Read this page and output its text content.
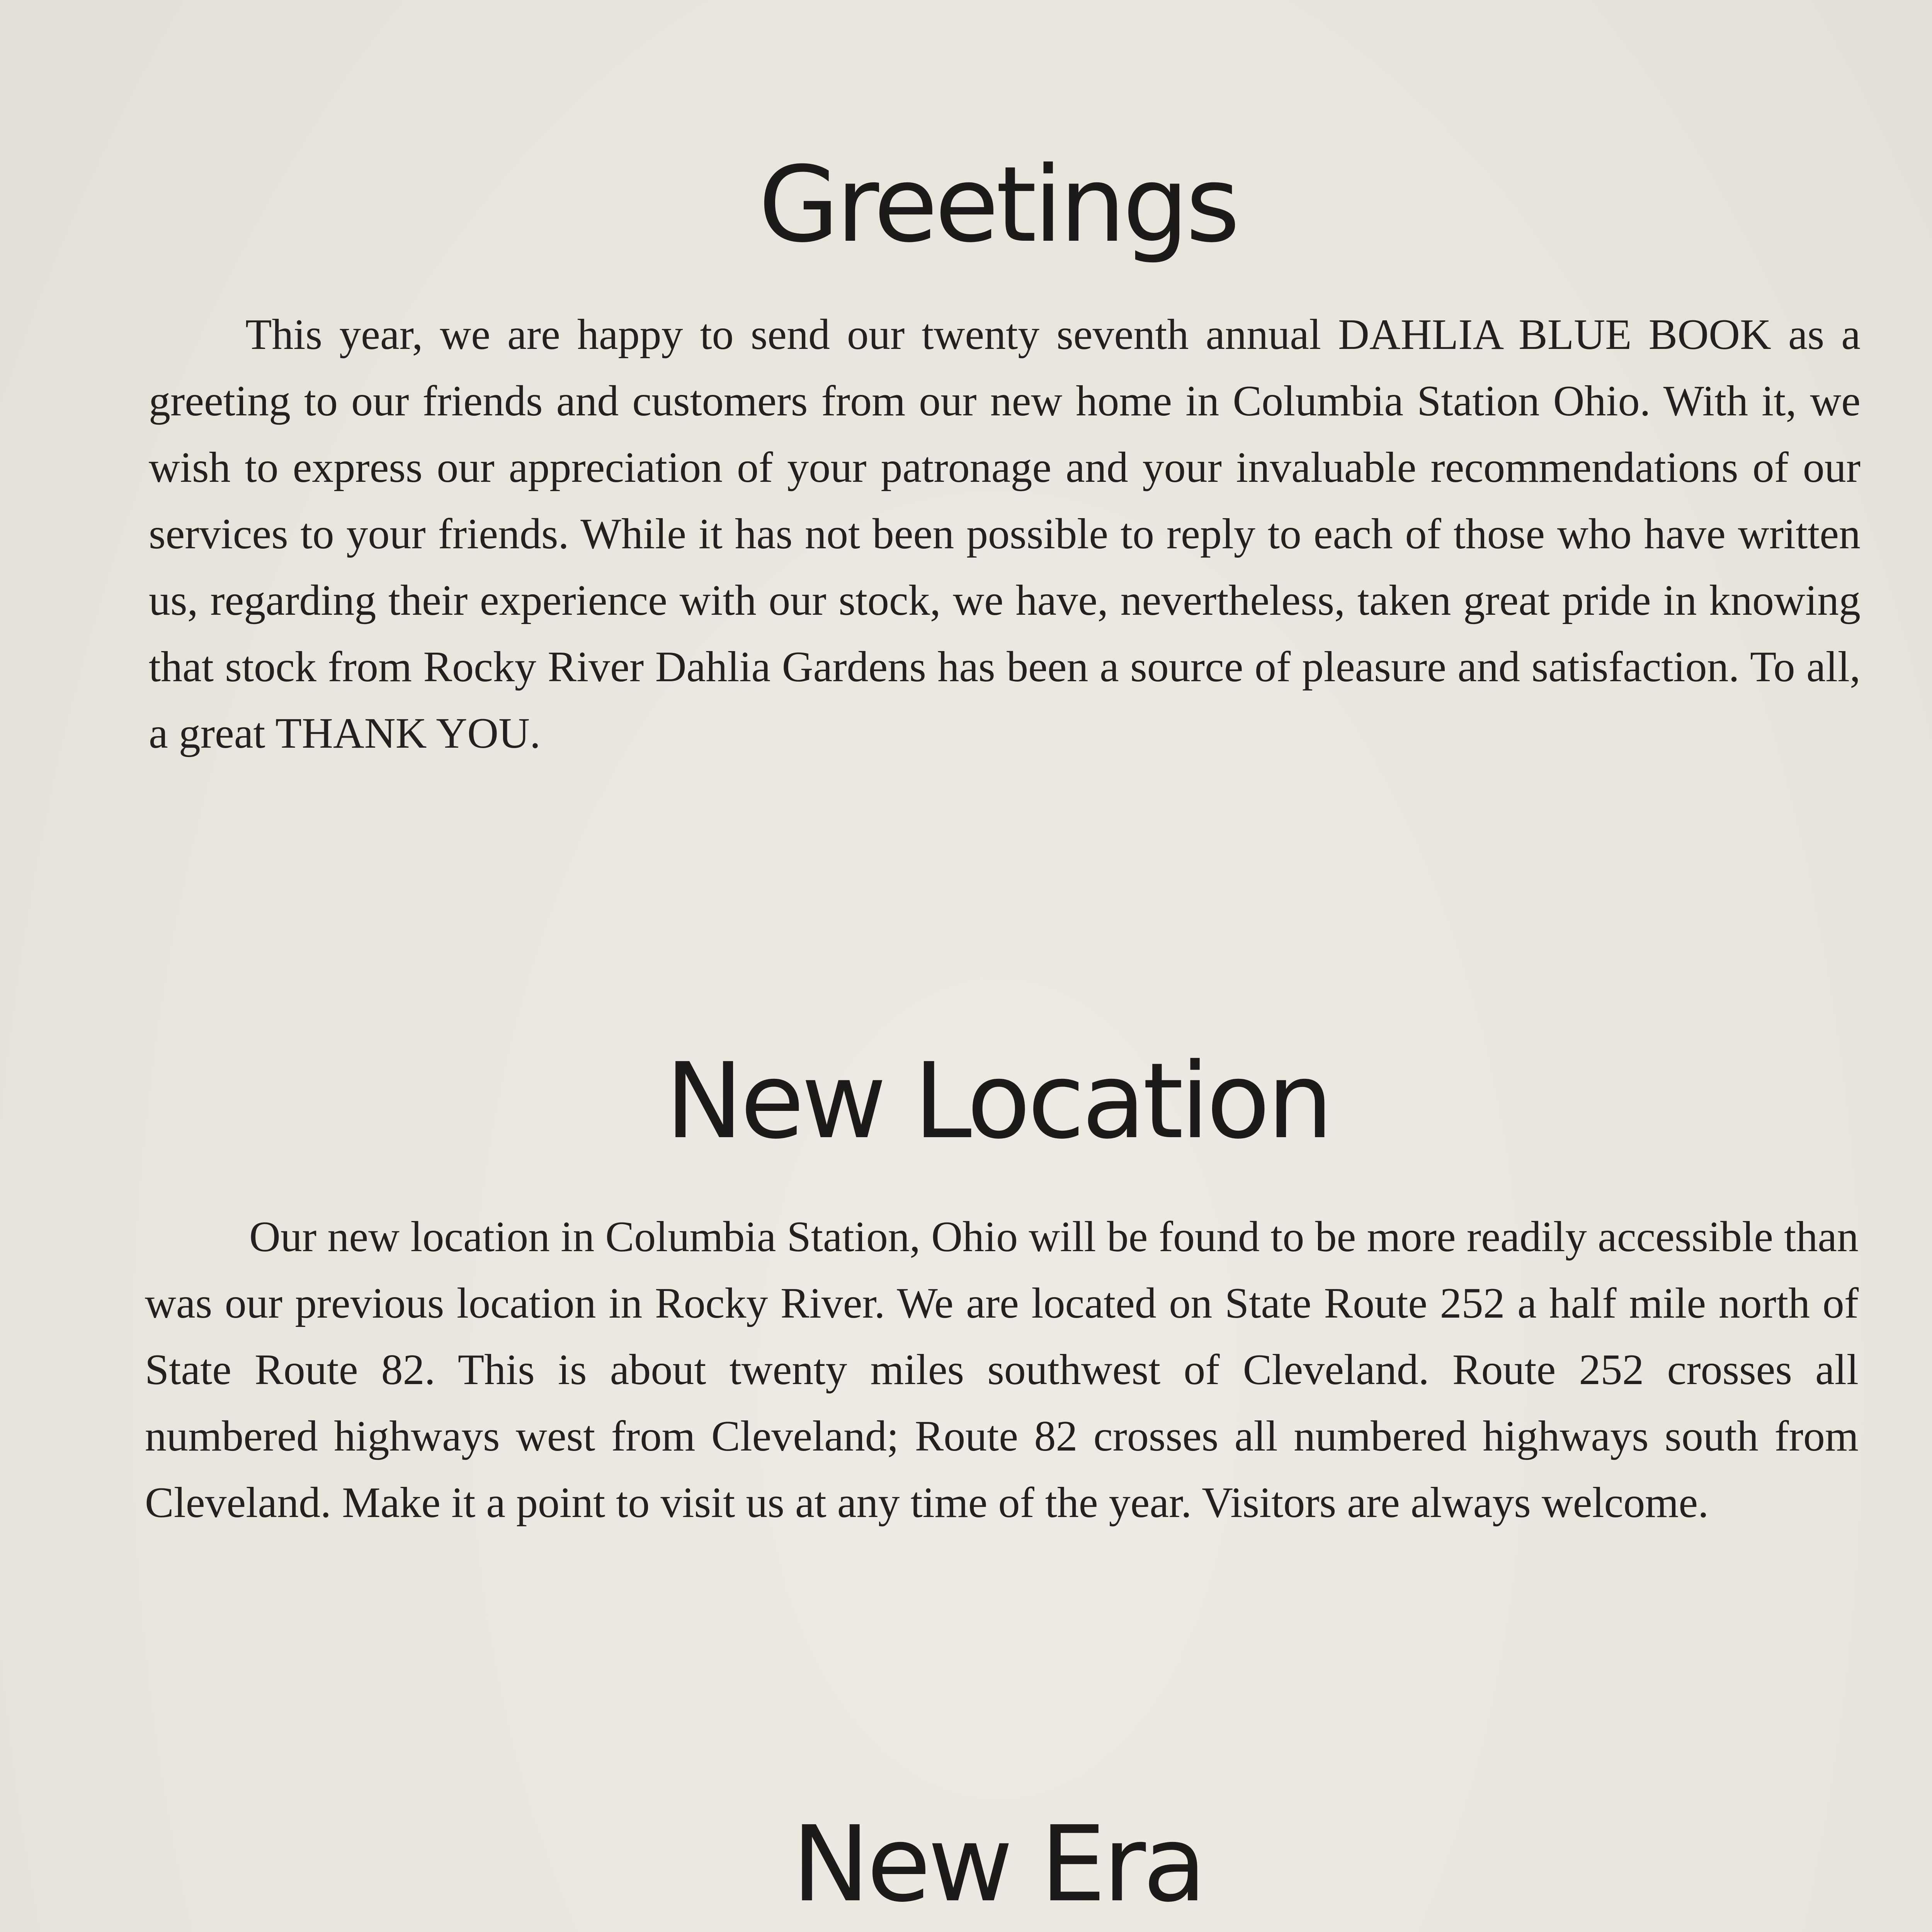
Greetings

This year, we are happy to send our twenty seventh annual DAHLIA BLUE BOOK as a greeting to our friends and customers from our new home in Columbia Station Ohio. With it, we wish to express our appreciation of your patronage and your invaluable recommendations of our services to your friends. While it has not been possible to reply to each of those who have written us, regarding their experience with our stock, we have, nevertheless, taken great pride in knowing that stock from Rocky River Dahlia Gardens has been a source of pleasure and satisfaction. To all, a great THANK YOU.

New Location

Our new location in Columbia Station, Ohio will be found to be more readily accessible than was our previous location in Rocky River. We are located on State Route 252 a half mile north of State Route 82. This is about twenty miles southwest of Cleveland. Route 252 crosses all numbered highways west from Cleveland; Route 82 crosses all numbered highways south from Cleveland. Make it a point to visit us at any time of the year. Visitors are always welcome.

New Era
